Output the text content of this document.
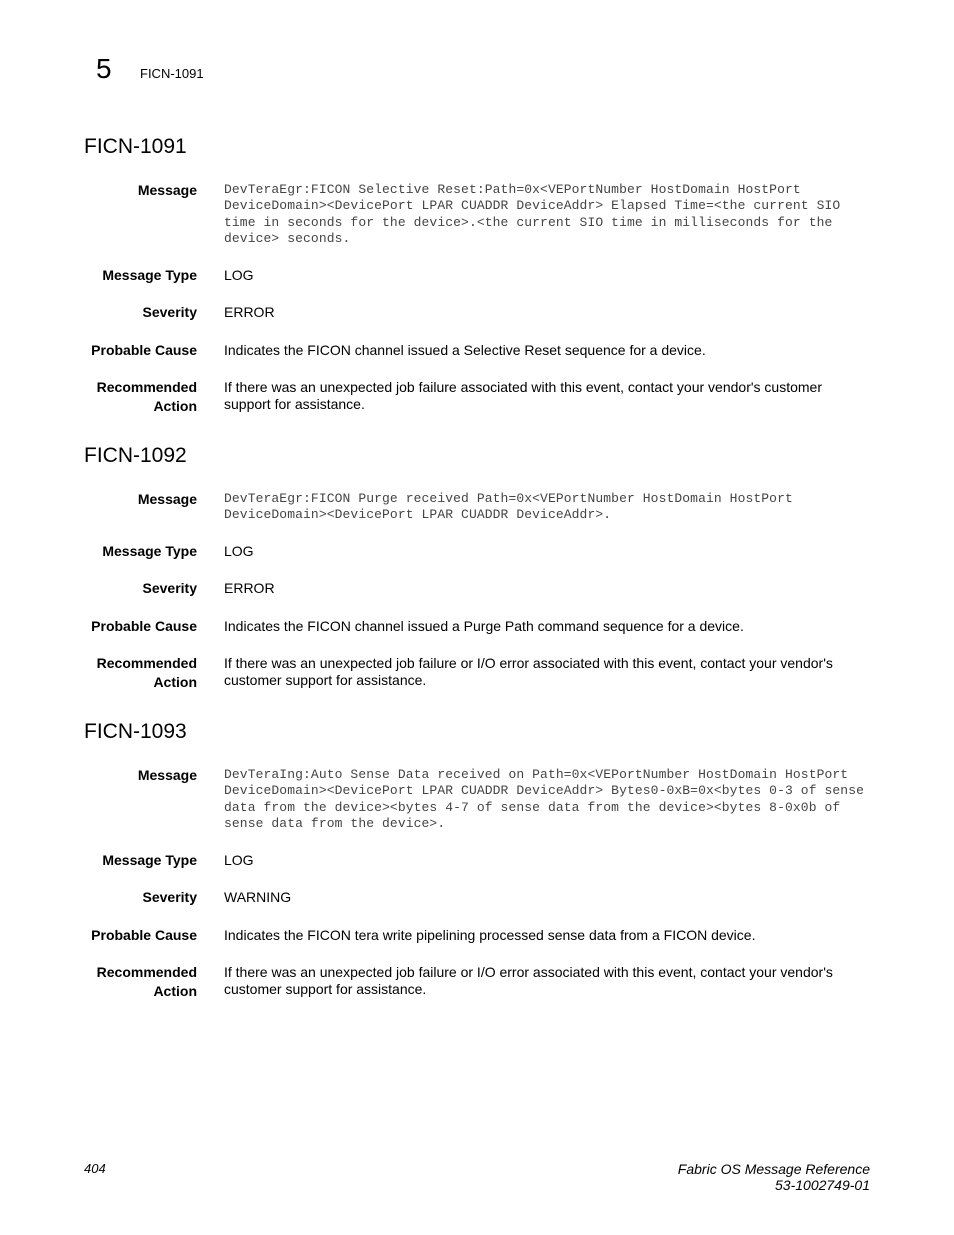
5 FICN-1091
FICN-1091
Message DevTeraEgr:FICON Selective Reset:Path=0x<VEPortNumber HostDomain HostPort
DeviceDomain><DevicePort LPAR CUADDR DeviceAddr> Elapsed Time=<the current SIO
time in seconds for the device>.<the current SIO time in milliseconds for the
device> seconds.
Message Type LOG
Severity ERROR
Probable Cause Indicates the FICON channel issued a Selective Reset sequence for a device.
Recommended
Action
If there was an unexpected job failure associated with this event, contact your vendor's customer support for assistance.
FICN-1092
Message DevTeraEgr:FICON Purge received Path=0x<VEPortNumber HostDomain HostPort
DeviceDomain><DevicePort LPAR CUADDR DeviceAddr>.
Message Type LOG
Severity ERROR
Probable Cause Indicates the FICON channel issued a Purge Path command sequence for a device.
Recommended
Action
If there was an unexpected job failure or I/O error associated with this event, contact your vendor's customer support for assistance.
FICN-1093
Message DevTeraIng:Auto Sense Data received on Path=0x<VEPortNumber HostDomain HostPort
DeviceDomain><DevicePort LPAR CUADDR DeviceAddr> Bytes0-0xB=0x<bytes 0-3 of sense
data from the device><bytes 4-7 of sense data from the device><bytes 8-0x0b of
sense data from the device>.
Message Type LOG
Severity WARNING
Probable Cause Indicates the FICON tera write pipelining processed sense data from a FICON device.
Recommended
Action
If there was an unexpected job failure or I/O error associated with this event, contact your vendor's customer support for assistance.
404	Fabric OS Message Reference
53-1002749-01
